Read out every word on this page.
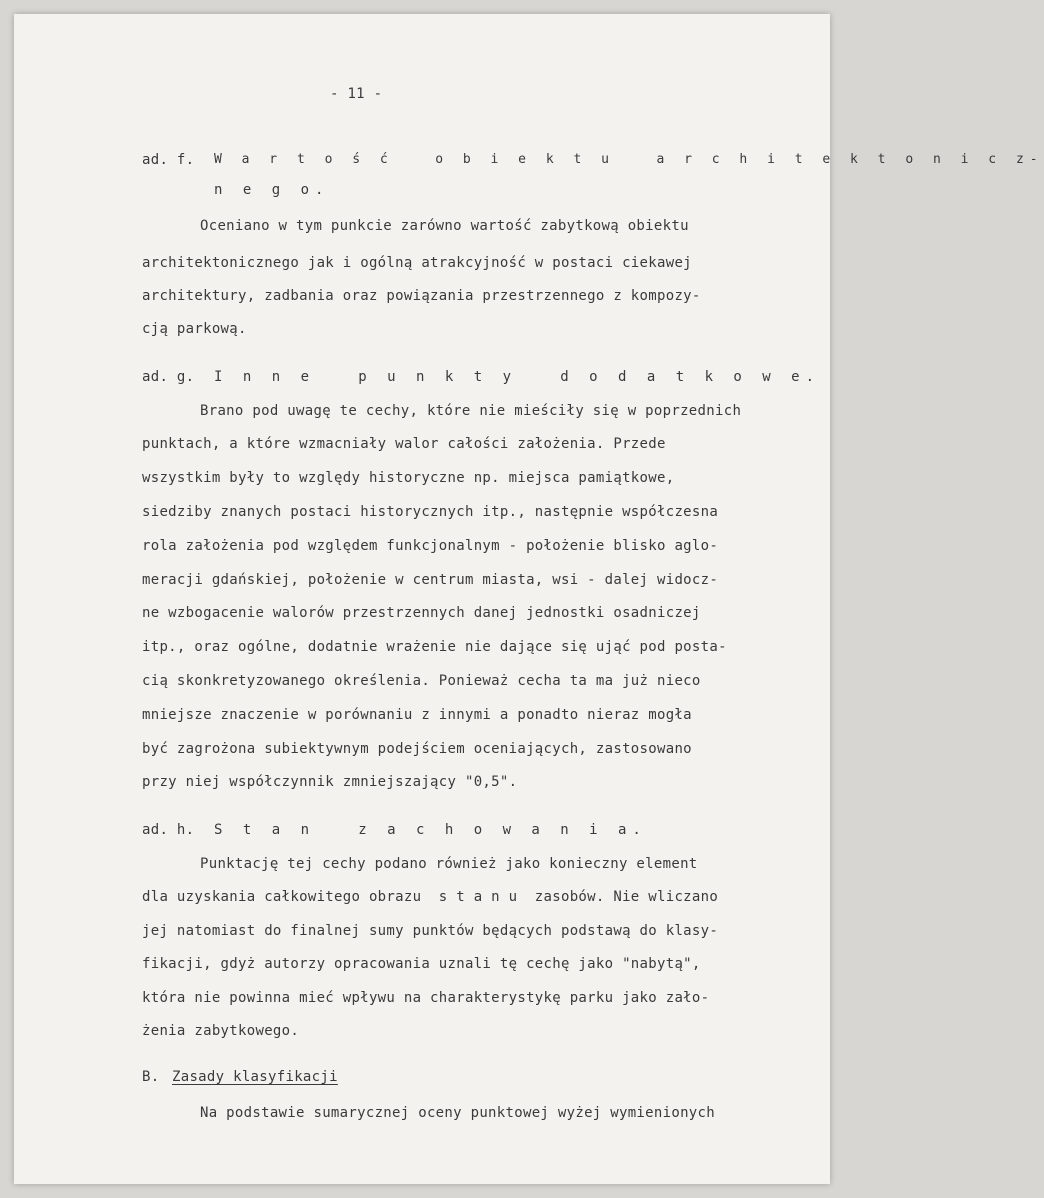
- 11 -
ad. f. W a r t o ś ć   o b i e k t u   a r c h i t e k t o n i c z-
n e g o.
Oceniano w tym punkcie zarówno wartość zabytkową obiektu
architektonicznego jak i ogólną atrakcyjność w postaci ciekawej
architektury, zadbania oraz powiązania przestrzennego z kompozy-
cją parkową.
ad. g. I n n e   p u n k t y   d o d a t k o w e.
Brano pod uwagę te cechy, które nie mieściły się w poprzednich
punktach, a które wzmacniały walor całości założenia. Przede
wszystkim były to względy historyczne np. miejsca pamiątkowe,
siedziby znanych postaci historycznych itp., następnie współczesna
rola założenia pod względem funkcjonalnym - położenie blisko aglo-
meracji gdańskiej, położenie w centrum miasta, wsi - dalej widocz-
ne wzbogacenie walorów przestrzennych danej jednostki osadniczej
itp., oraz ogólne, dodatnie wrażenie nie dające się ująć pod posta-
cią skonkretyzowanego określenia. Ponieważ cecha ta ma już nieco
mniejsze znaczenie w porównaniu z innymi a ponadto nieraz mogła
być zagrożona subiektywnym podejściem oceniających, zastosowano
przy niej współczynnik zmniejszający "0,5".
ad. h. S t a n   z a c h o w a n i a.
Punktację tej cechy podano również jako konieczny element
dla uzyskania całkowitego obrazu  s t a n u  zasobów. Nie wliczano
jej natomiast do finalnej sumy punktów będących podstawą do klasy-
fikacji, gdyż autorzy opracowania uznali tę cechę jako "nabytą",
która nie powinna mieć wpływu na charakterystykę parku jako zało-
żenia zabytkowego.
B. Zasady klasyfikacji
Na podstawie sumarycznej oceny punktowej wyżej wymienionych
